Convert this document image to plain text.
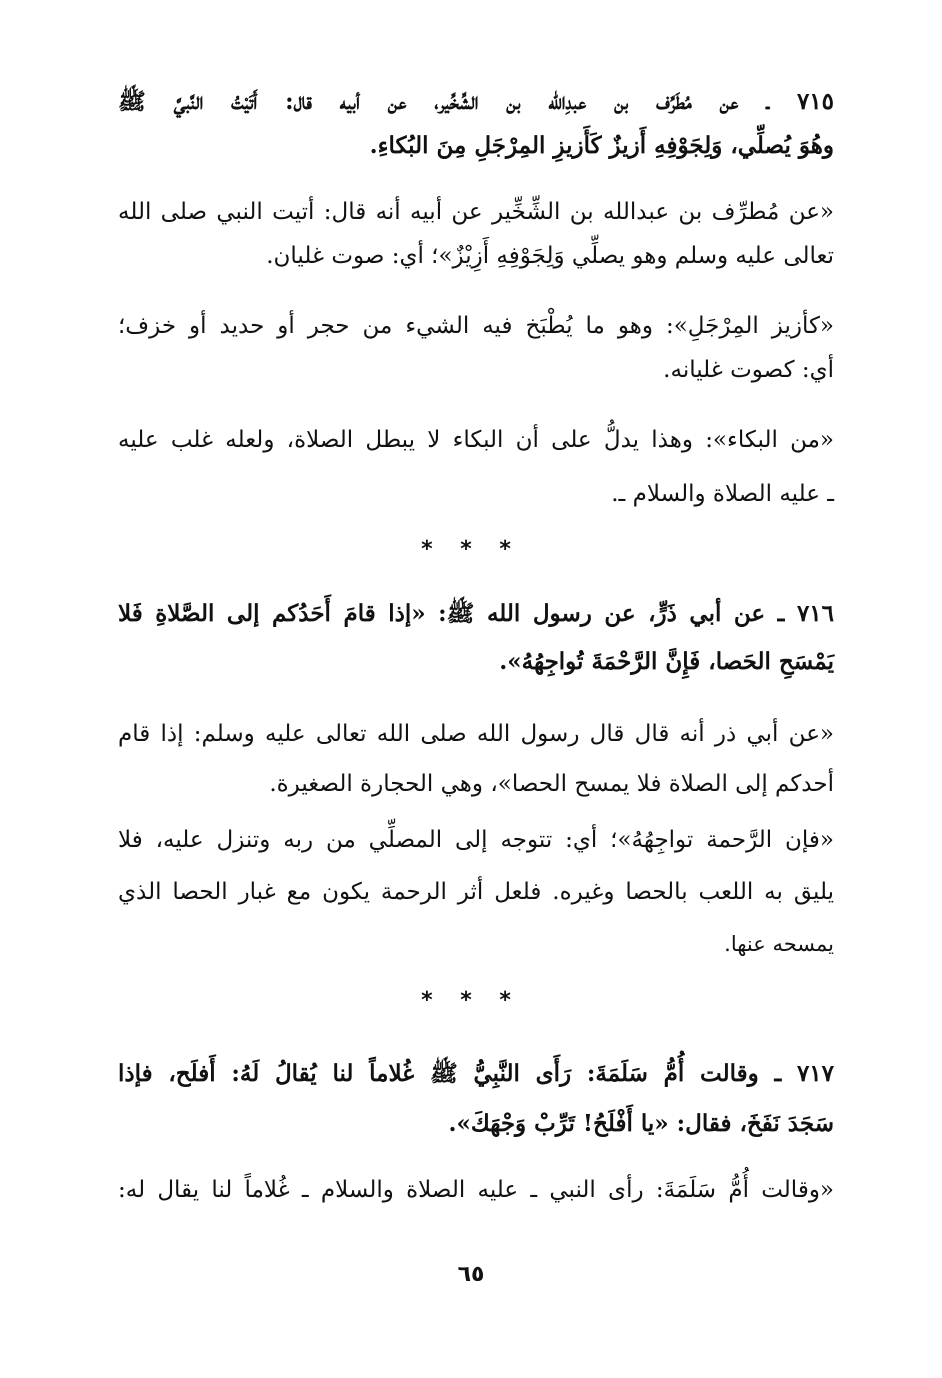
٧١٥ ـ عن مُطَرِّف بن عبدِالله بن الشِّخِّير، عن أبيه قال: أَتَيْتُ النَّبيَّ ﷺ
وهُوَ يُصلِّي، وَلِجَوْفِهِ أَزيزٌ كَأَزيزِ المِرْجَلِ مِنَ البُكاءِ.
«عن مُطرِّف بن عبدالله بن الشِّخِّير عن أبيه أنه قال: أتيت النبي صلى الله
تعالى عليه وسلم وهو يصلِّي وَلِجَوْفِهِ أَزِيْزٌ»؛ أي: صوت غليان.
«كأزيز المِرْجَلِ»: وهو ما يُطْبَخ فيه الشيء من حجر أو حديد أو خزف؛
أي: كصوت غليانه.
«من البكاء»: وهذا يدلُّ على أن البكاء لا يبطل الصلاة، ولعله غلب عليه
ـ عليه الصلاة والسلام ـ.
* * *
٧١٦ ـ عن أبي ذَرٍّ، عن رسول الله ﷺ: «إذا قامَ أَحَدُكم إلى الصَّلاةِ فَلا
يَمْسَحِ الحَصا، فَإِنَّ الرَّحْمَةَ تُواجِهُهُ».
«عن أبي ذر أنه قال قال رسول الله صلى الله تعالى عليه وسلم: إذا قام
أحدكم إلى الصلاة فلا يمسح الحصا»، وهي الحجارة الصغيرة.
«فإن الرَّحمة تواجِهُهُ»؛ أي: تتوجه إلى المصلِّي من ربه وتنزل عليه، فلا
يليق به اللعب بالحصا وغيره. فلعل أثر الرحمة يكون مع غبار الحصا الذي
يمسحه عنها.
* * *
٧١٧ ـ وقالت أُمُّ سَلَمَةَ: رَأَى النَّبِيُّ ﷺ غُلاماً لنا يُقالُ لَهُ: أَفلَح، فإذا
سَجَدَ نَفَخَ، فقال: «يا أَفْلَحُ! تَرِّبْ وَجْهَكَ».
«وقالت أُمُّ سَلَمَةَ: رأى النبي ـ عليه الصلاة والسلام ـ غُلاماً لنا يقال له:
٦٥
